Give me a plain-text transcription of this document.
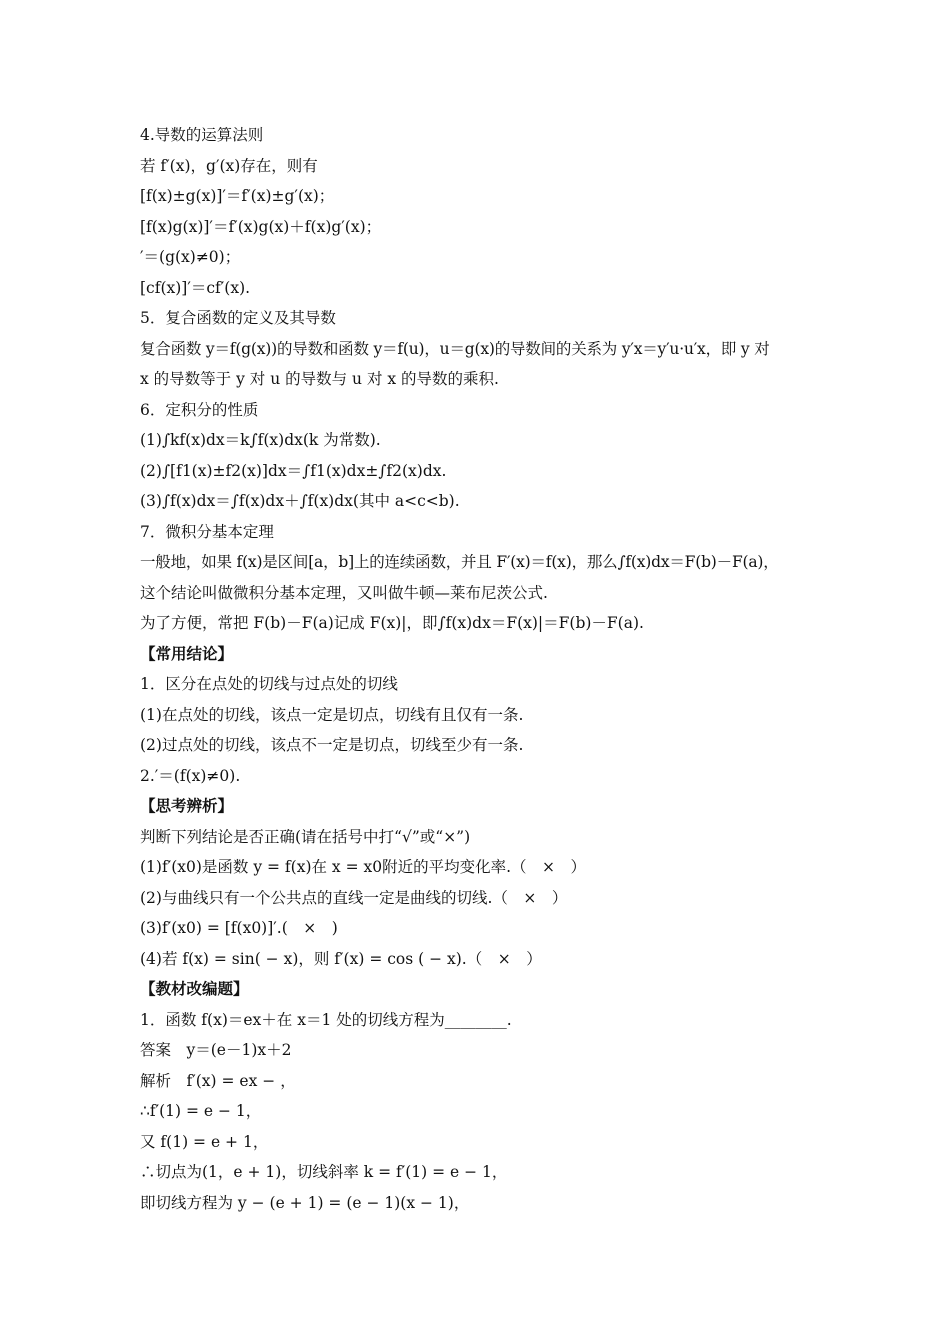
4.导数的运算法则
若 f′(x)，g′(x)存在，则有
[f(x)±g(x)]′＝f′(x)±g′(x)；
[f(x)g(x)]′＝f′(x)g(x)＋f(x)g′(x)；
′＝(g(x)≠0)；
[cf(x)]′＝cf′(x).
5．复合函数的定义及其导数
复合函数 y＝f(g(x))的导数和函数 y＝f(u)，u＝g(x)的导数间的关系为 y′x＝y′u·u′x，即 y 对
x 的导数等于 y 对 u 的导数与 u 对 x 的导数的乘积.
6．定积分的性质
(1)∫kf(x)dx＝k∫f(x)dx(k 为常数).
(2)∫[f1(x)±f2(x)]dx＝∫f1(x)dx±∫f2(x)dx.
(3)∫f(x)dx＝∫f(x)dx＋∫f(x)dx(其中 a<c<b).
7．微积分基本定理
一般地，如果 f(x)是区间[a，b]上的连续函数，并且 F′(x)＝f(x)，那么∫f(x)dx＝F(b)－F(a)，
这个结论叫做微积分基本定理，又叫做牛顿—莱布尼茨公式.
为了方便，常把 F(b)－F(a)记成 F(x)|，即∫f(x)dx＝F(x)|＝F(b)－F(a).
【常用结论】
1．区分在点处的切线与过点处的切线
(1)在点处的切线，该点一定是切点，切线有且仅有一条.
(2)过点处的切线，该点不一定是切点，切线至少有一条.
2.′＝(f(x)≠0).
【思考辨析】
判断下列结论是否正确(请在括号中打“√”或“×”)
(1)f′(x0)是函数 y = f(x)在 x = x0附近的平均变化率.（　×　）
(2)与曲线只有一个公共点的直线一定是曲线的切线.（　×　）
(3)f′(x0) = [f(x0)]′.(　×　)
(4)若 f(x) = sin( − x)，则 f′(x) = cos ( − x).（　×　）
【教材改编题】
1．函数 f(x)＝ex＋在 x＝1 处的切线方程为________.
答案　y＝(e－1)x＋2
解析　f′(x) = ex − ，
∴f′(1) = e − 1，
又 f(1) = e + 1，
∴切点为(1，e + 1)，切线斜率 k = f′(1) = e − 1，
即切线方程为 y − (e + 1) = (e − 1)(x − 1)，
